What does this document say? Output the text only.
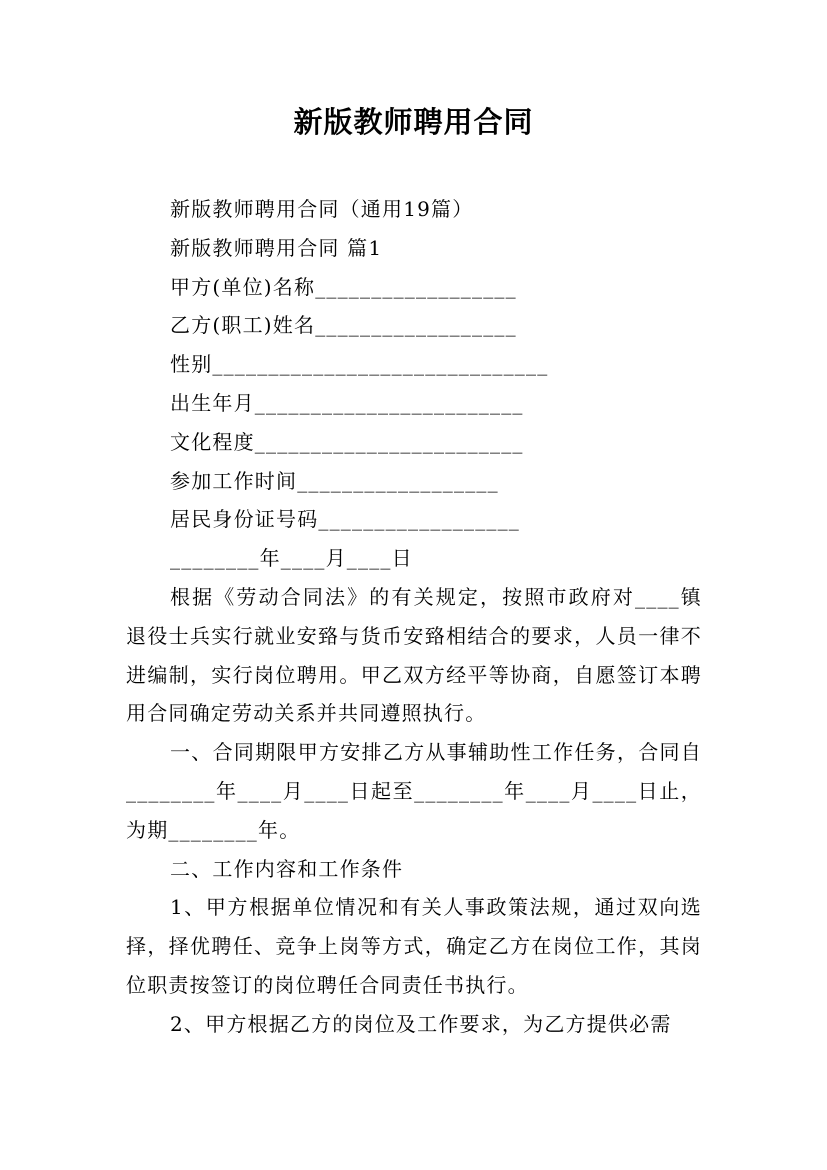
新版教师聘用合同
新版教师聘用合同（通用19篇）
新版教师聘用合同 篇1
甲方(单位)名称__________________
乙方(职工)姓名__________________
性别______________________________
出生年月________________________
文化程度________________________
参加工作时间__________________
居民身份证号码__________________
________年____月____日
根据《劳动合同法》的有关规定，按照市政府对____镇退役士兵实行就业安臵与货币安臵相结合的要求，人员一律不进编制，实行岗位聘用。甲乙双方经平等协商，自愿签订本聘用合同确定劳动关系并共同遵照执行。
一、合同期限甲方安排乙方从事辅助性工作任务，合同自________年____月____日起至________年____月____日止，为期________年。
二、工作内容和工作条件
1、甲方根据单位情况和有关人事政策法规，通过双向选择，择优聘任、竞争上岗等方式，确定乙方在岗位工作，其岗位职责按签订的岗位聘任合同责任书执行。
2、甲方根据乙方的岗位及工作要求，为乙方提供必需
